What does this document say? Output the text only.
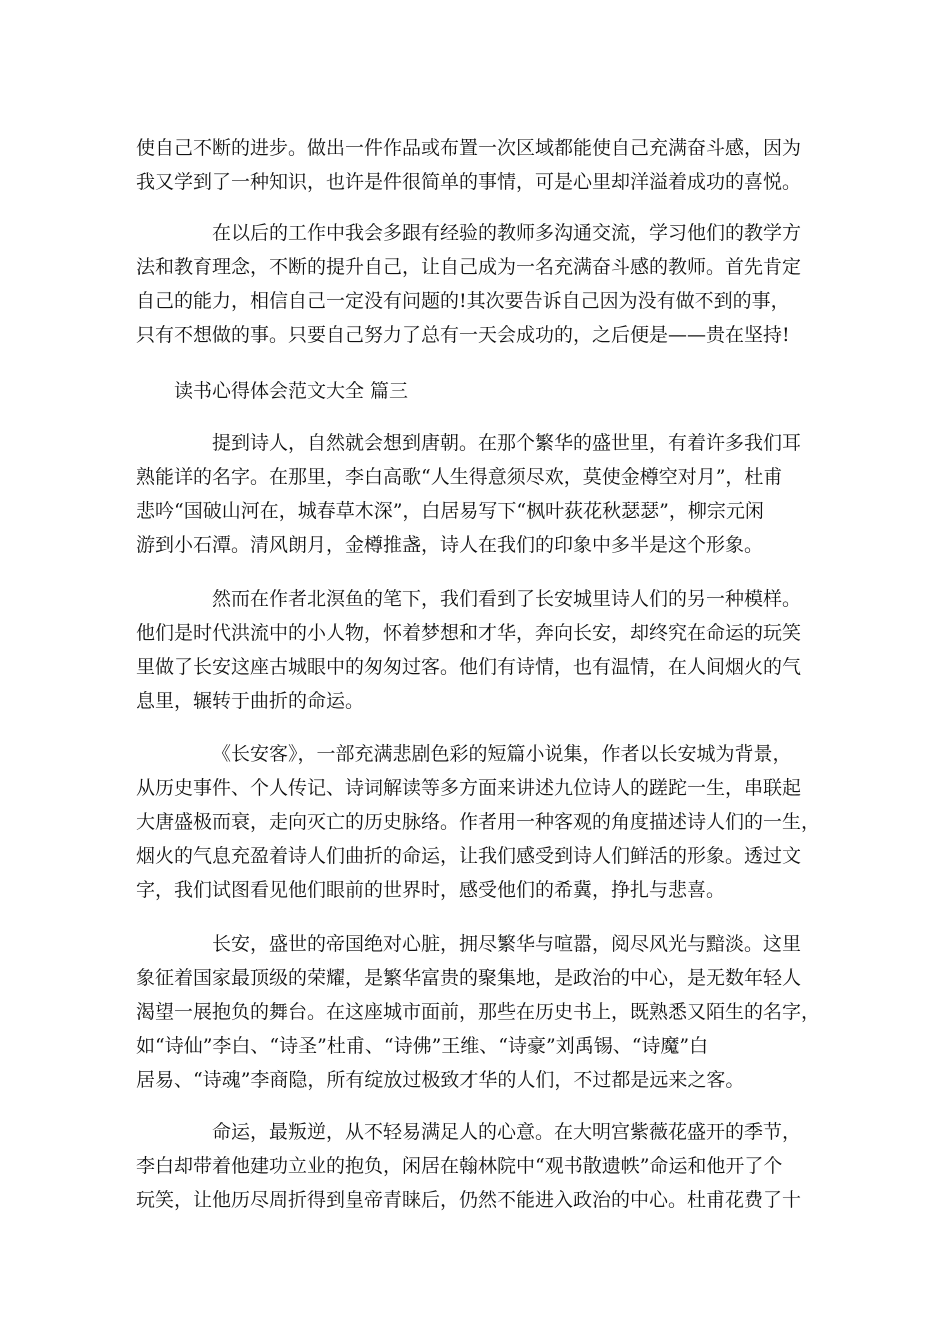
使自己不断的进步。做出一件作品或布置一次区域都能使自己充满奋斗感，因为
我又学到了一种知识，也许是件很简单的事情，可是心里却洋溢着成功的喜悦。
在以后的工作中我会多跟有经验的教师多沟通交流，学习他们的教学方
法和教育理念，不断的提升自己，让自己成为一名充满奋斗感的教师。首先肯定
自己的能力，相信自己一定没有问题的!其次要告诉自己因为没有做不到的事，
只有不想做的事。只要自己努力了总有一天会成功的，之后便是——贵在坚持!
读书心得体会范文大全 篇三
提到诗人，自然就会想到唐朝。在那个繁华的盛世里，有着许多我们耳
熟能详的名字。在那里，李白高歌“人生得意须尽欢，莫使金樽空对月”，杜甫
悲吟“国破山河在，城春草木深”，白居易写下“枫叶荻花秋瑟瑟”，柳宗元闲
游到小石潭。清风朗月，金樽推盏，诗人在我们的印象中多半是这个形象。
然而在作者北溟鱼的笔下，我们看到了长安城里诗人们的另一种模样。
他们是时代洪流中的小人物，怀着梦想和才华，奔向长安，却终究在命运的玩笑
里做了长安这座古城眼中的匆匆过客。他们有诗情，也有温情，在人间烟火的气
息里，辗转于曲折的命运。
《长安客》，一部充满悲剧色彩的短篇小说集，作者以长安城为背景，
从历史事件、个人传记、诗词解读等多方面来讲述九位诗人的蹉跎一生，串联起
大唐盛极而衰，走向灭亡的历史脉络。作者用一种客观的角度描述诗人们的一生，
烟火的气息充盈着诗人们曲折的命运，让我们感受到诗人们鲜活的形象。透过文
字，我们试图看见他们眼前的世界时，感受他们的希冀，挣扎与悲喜。
长安，盛世的帝国绝对心脏，拥尽繁华与喧嚣，阅尽风光与黯淡。这里
象征着国家最顶级的荣耀，是繁华富贵的聚集地，是政治的中心，是无数年轻人
渴望一展抱负的舞台。在这座城市面前，那些在历史书上，既熟悉又陌生的名字，
如“诗仙”李白、“诗圣”杜甫、“诗佛”王维、“诗豪”刘禹锡、“诗魔”白
居易、“诗魂”李商隐，所有绽放过极致才华的人们，不过都是远来之客。
命运，最叛逆，从不轻易满足人的心意。在大明宫紫薇花盛开的季节，
李白却带着他建功立业的抱负，闲居在翰林院中“观书散遗帙”命运和他开了个
玩笑，让他历尽周折得到皇帝青睐后，仍然不能进入政治的中心。杜甫花费了十
